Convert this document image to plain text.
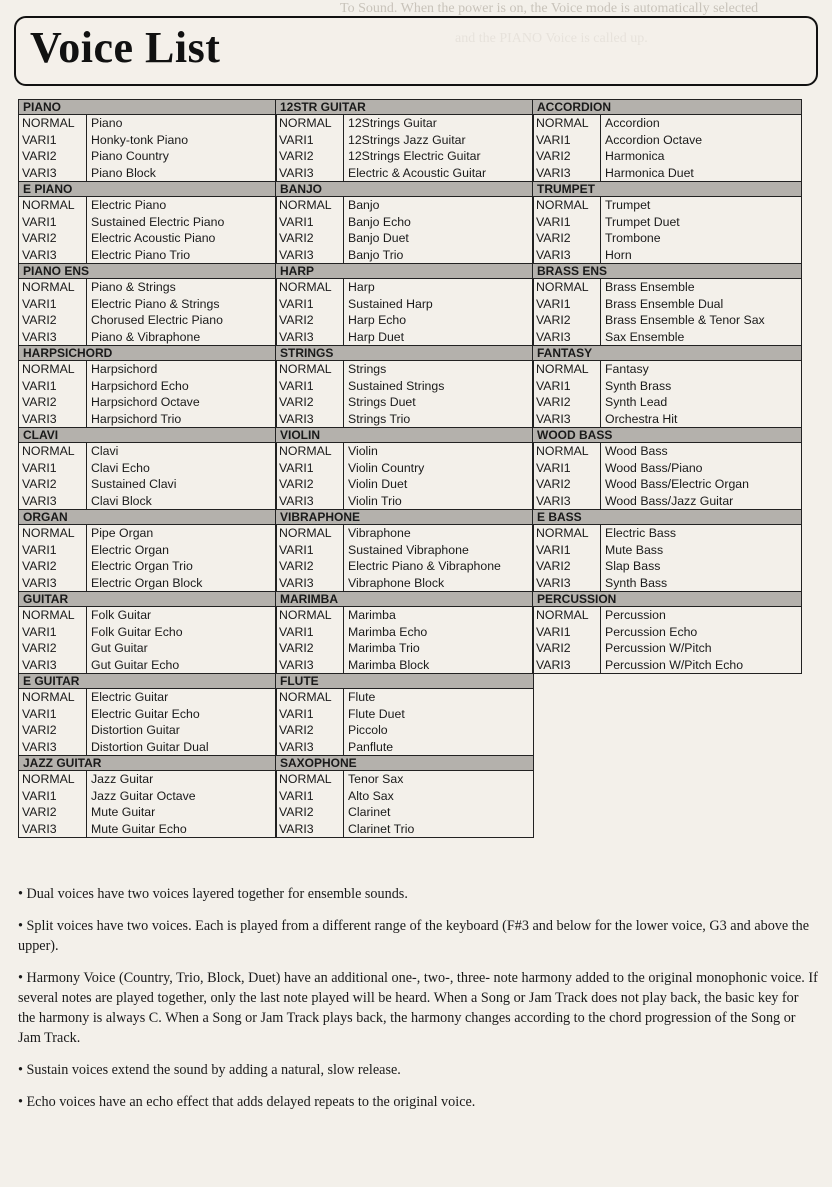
To Sound. When the power is on, the Voice mode is automatically selected
Voice List
PIANO
NORMAL	Piano
VARI1	Honky-tonk Piano
VARI2	Piano Country
VARI3	Piano Block
E PIANO
NORMAL	Electric Piano
VARI1	Sustained Electric Piano
VARI2	Electric Acoustic Piano
VARI3	Electric Piano Trio
PIANO ENS
NORMAL	Piano & Strings
VARI1	Electric Piano & Strings
VARI2	Chorused Electric Piano
VARI3	Piano & Vibraphone
HARPSICHORD
NORMAL	Harpsichord
VARI1	Harpsichord Echo
VARI2	Harpsichord Octave
VARI3	Harpsichord Trio
CLAVI
NORMAL	Clavi
VARI1	Clavi Echo
VARI2	Sustained Clavi
VARI3	Clavi Block
ORGAN
NORMAL	Pipe Organ
VARI1	Electric Organ
VARI2	Electric Organ Trio
VARI3	Electric Organ Block
GUITAR
NORMAL	Folk Guitar
VARI1	Folk Guitar Echo
VARI2	Gut Guitar
VARI3	Gut Guitar Echo
E GUITAR
NORMAL	Electric Guitar
VARI1	Electric Guitar Echo
VARI2	Distortion Guitar
VARI3	Distortion Guitar Dual
JAZZ GUITAR
NORMAL	Jazz Guitar
VARI1	Jazz Guitar Octave
VARI2	Mute Guitar
VARI3	Mute Guitar Echo
12STR GUITAR
NORMAL	12Strings Guitar
VARI1	12Strings Jazz Guitar
VARI2	12Strings Electric Guitar
VARI3	Electric & Acoustic Guitar
BANJO
NORMAL	Banjo
VARI1	Banjo Echo
VARI2	Banjo Duet
VARI3	Banjo Trio
HARP
NORMAL	Harp
VARI1	Sustained Harp
VARI2	Harp Echo
VARI3	Harp Duet
STRINGS
NORMAL	Strings
VARI1	Sustained Strings
VARI2	Strings Duet
VARI3	Strings Trio
VIOLIN
NORMAL	Violin
VARI1	Violin Country
VARI2	Violin Duet
VARI3	Violin Trio
VIBRAPHONE
NORMAL	Vibraphone
VARI1	Sustained Vibraphone
VARI2	Electric Piano & Vibraphone
VARI3	Vibraphone Block
MARIMBA
NORMAL	Marimba
VARI1	Marimba Echo
VARI2	Marimba Trio
VARI3	Marimba Block
FLUTE
NORMAL	Flute
VARI1	Flute Duet
VARI2	Piccolo
VARI3	Panflute
SAXOPHONE
NORMAL	Tenor Sax
VARI1	Alto Sax
VARI2	Clarinet
VARI3	Clarinet Trio
ACCORDION
NORMAL	Accordion
VARI1	Accordion Octave
VARI2	Harmonica
VARI3	Harmonica Duet
TRUMPET
NORMAL	Trumpet
VARI1	Trumpet Duet
VARI2	Trombone
VARI3	Horn
BRASS ENS
NORMAL	Brass Ensemble
VARI1	Brass Ensemble Dual
VARI2	Brass Ensemble & Tenor Sax
VARI3	Sax Ensemble
FANTASY
NORMAL	Fantasy
VARI1	Synth Brass
VARI2	Synth Lead
VARI3	Orchestra Hit
WOOD BASS
NORMAL	Wood Bass
VARI1	Wood Bass/Piano
VARI2	Wood Bass/Electric Organ
VARI3	Wood Bass/Jazz Guitar
E BASS
NORMAL	Electric Bass
VARI1	Mute Bass
VARI2	Slap Bass
VARI3	Synth Bass
PERCUSSION
NORMAL	Percussion
VARI1	Percussion Echo
VARI2	Percussion W/Pitch
VARI3	Percussion W/Pitch Echo

• Dual voices have two voices layered together for ensemble sounds.

• Split voices have two voices. Each is played from a different range of the keyboard (F#3 and below for the lower voice, G3 and above the upper).

• Harmony Voice (Country, Trio, Block, Duet) have an additional one-, two-, three- note harmony added to the original monophonic voice. If several notes are played together, only the last note played will be heard. When a Song or Jam Track does not play back, the basic key for the harmony is always C. When a Song or Jam Track plays back, the harmony changes according to the chord progression of the Song or Jam Track.

• Sustain voices extend the sound by adding a natural, slow release.

• Echo voices have an echo effect that adds delayed repeats to the original voice.
